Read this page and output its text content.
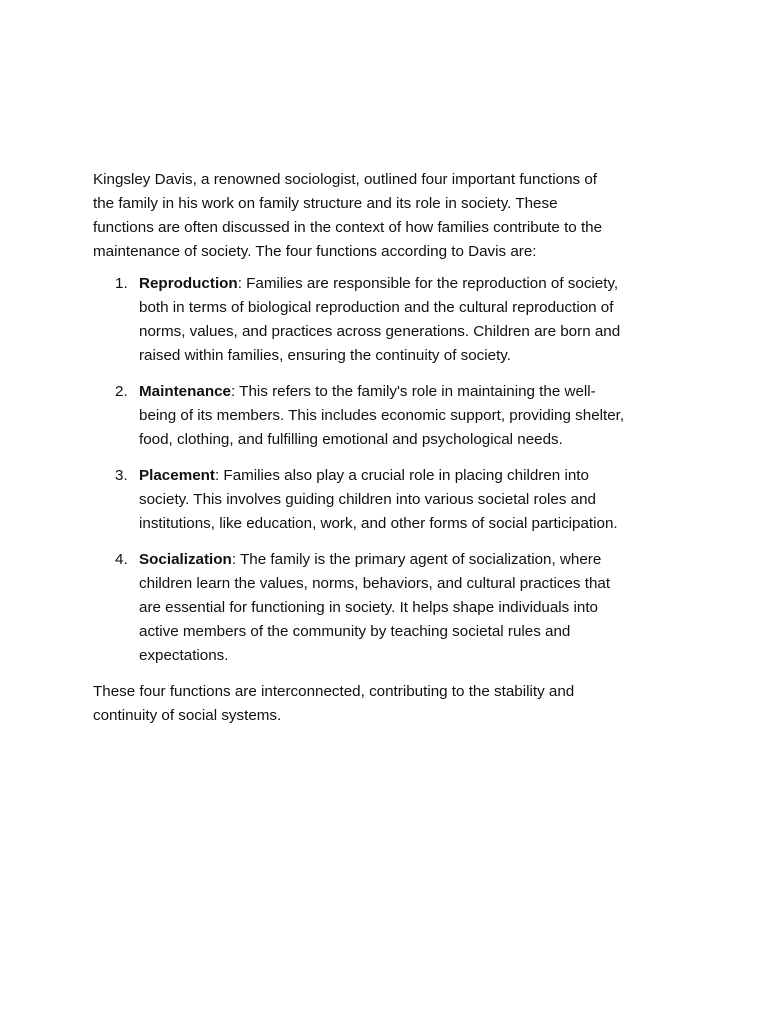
Kingsley Davis, a renowned sociologist, outlined four important functions of
the family in his work on family structure and its role in society. These
functions are often discussed in the context of how families contribute to the
maintenance of society. The four functions according to Davis are:

1. Reproduction: Families are responsible for the reproduction of society,
both in terms of biological reproduction and the cultural reproduction of
norms, values, and practices across generations. Children are born and
raised within families, ensuring the continuity of society.
2. Maintenance: This refers to the family's role in maintaining the well-
being of its members. This includes economic support, providing shelter,
food, clothing, and fulfilling emotional and psychological needs.
3. Placement: Families also play a crucial role in placing children into
society. This involves guiding children into various societal roles and
institutions, like education, work, and other forms of social participation.
4. Socialization: The family is the primary agent of socialization, where
children learn the values, norms, behaviors, and cultural practices that
are essential for functioning in society. It helps shape individuals into
active members of the community by teaching societal rules and
expectations.

These four functions are interconnected, contributing to the stability and
continuity of social systems.
